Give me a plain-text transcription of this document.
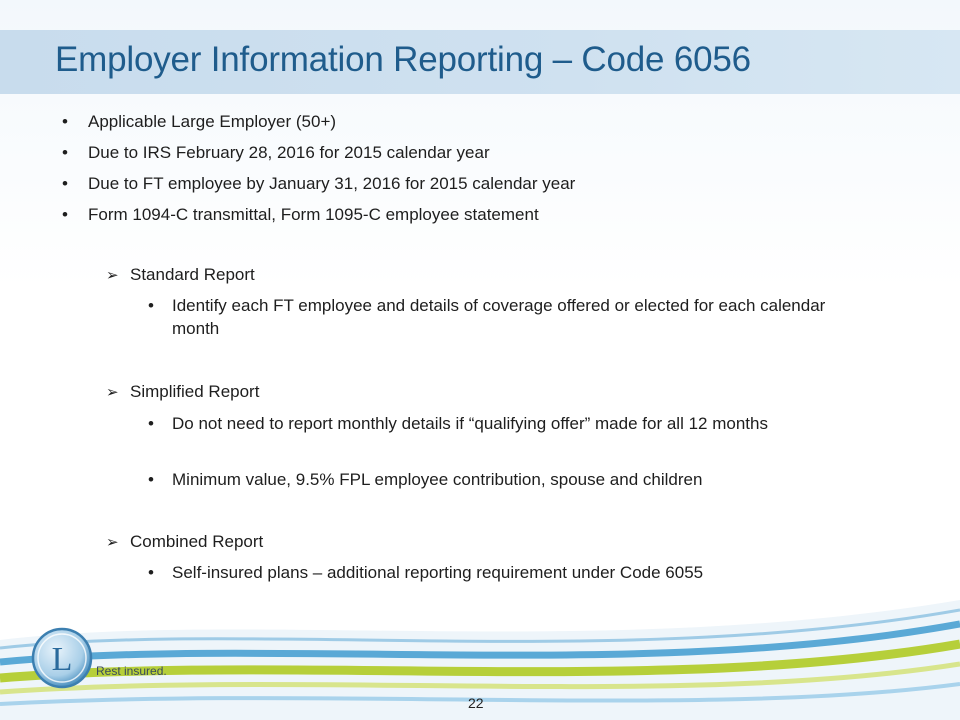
Employer Information Reporting – Code 6056
• Applicable Large Employer (50+)
• Due to IRS February 28, 2016 for 2015 calendar year
• Due to FT employee by January 31, 2016 for 2015 calendar year
• Form 1094-C transmittal, Form 1095-C employee statement
➢ Standard Report
• Identify each FT employee and details of coverage offered or elected for each calendar month
➢ Simplified Report
• Do not need to report monthly details if “qualifying offer” made for all 12 months
• Minimum value, 9.5% FPL employee contribution, spouse and children
➢ Combined Report
• Self-insured plans – additional reporting requirement under Code 6055
L Rest insured.
22
